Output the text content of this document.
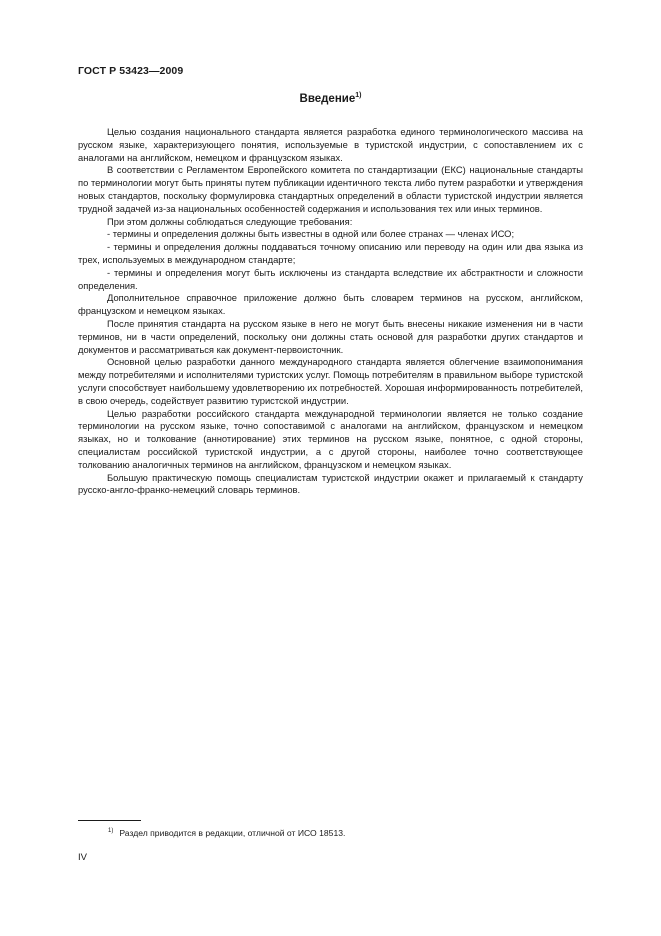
ГОСТ Р 53423—2009
Введение$^{1)}$

Целью создания национального стандарта является разработка единого терминологического массива на русском языке, характеризующего понятия, используемые в туристской индустрии, с сопоставлением их с аналогами на английском, немецком и французском языках.

В соответствии с Регламентом Европейского комитета по стандартизации (ЕКС) национальные стандарты по терминологии могут быть приняты путем публикации идентичного текста либо путем разработки и утверждения новых стандартов, поскольку формулировка стандартных определений в области туристской индустрии является трудной задачей из-за национальных особенностей содержания и использования тех или иных терминов.

При этом должны соблюдаться следующие требования:

- термины и определения должны быть известны в одной или более странах — членах ИСО;

- термины и определения должны поддаваться точному описанию или переводу на один или два языка из трех, используемых в международном стандарте;

- термины и определения могут быть исключены из стандарта вследствие их абстрактности и сложности определения.

Дополнительное справочное приложение должно быть словарем терминов на русском, английском, французском и немецком языках.

После принятия стандарта на русском языке в него не могут быть внесены никакие изменения ни в части терминов, ни в части определений, поскольку они должны стать основой для разработки других стандартов и документов и рассматриваться как документ-первоисточник.

Основной целью разработки данного международного стандарта является облегчение взаимопонимания между потребителями и исполнителями туристских услуг. Помощь потребителям в правильном выборе туристской услуги способствует наибольшему удовлетворению их потребностей. Хорошая информированность потребителей, в свою очередь, содействует развитию туристской индустрии.

Целью разработки российского стандарта международной терминологии является не только создание терминологии на русском языке, точно сопоставимой с аналогами на английском, французском и немецком языках, но и толкование (аннотирование) этих терминов на русском языке, понятное, с одной стороны, специалистам российской туристской индустрии, а с другой стороны, наиболее точно соответствующее толкованию аналогичных терминов на английском, французском и немецком языках.

Большую практическую помощь специалистам туристской индустрии окажет и прилагаемый к стандарту русско-англо-франко-немецкий словарь терминов.

$^{1)}$ Раздел приводится в редакции, отличной от ИСО 18513.
IV
